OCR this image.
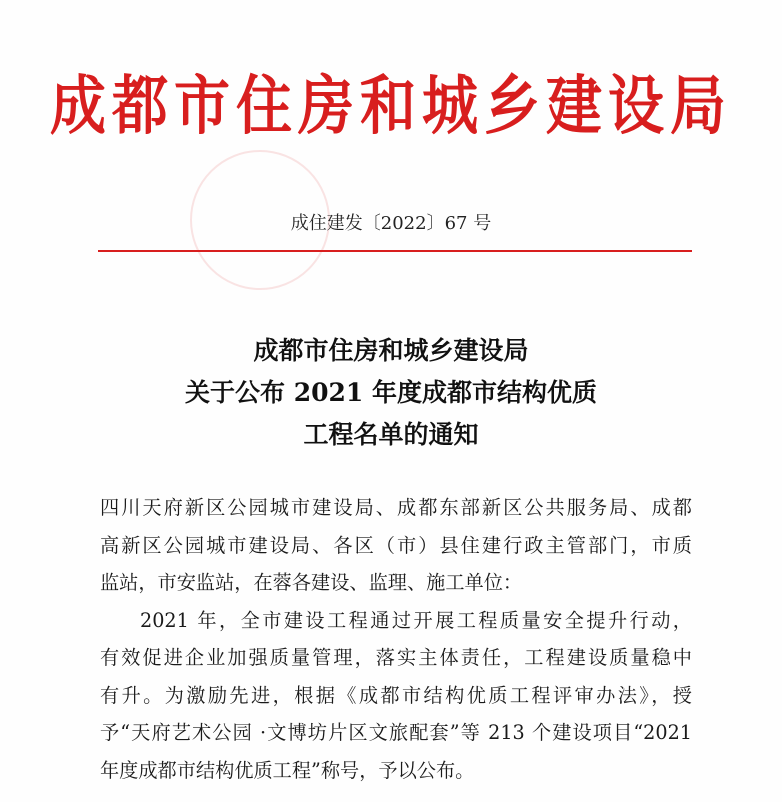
成都市住房和城乡建设局
成住建发〔2022〕67 号
成都市住房和城乡建设局
关于公布 2021 年度成都市结构优质
工程名单的通知
四川天府新区公园城市建设局、成都东部新区公共服务局、成都
高新区公园城市建设局、各区（市）县住建行政主管部门，市质
监站，市安监站，在蓉各建设、监理、施工单位：
2021 年，全市建设工程通过开展工程质量安全提升行动，
有效促进企业加强质量管理，落实主体责任，工程建设质量稳中
有升。为激励先进，根据《成都市结构优质工程评审办法》，授
予“天府艺术公园 ·文博坊片区文旅配套”等 213 个建设项目“2021
年度成都市结构优质工程”称号，予以公布。
